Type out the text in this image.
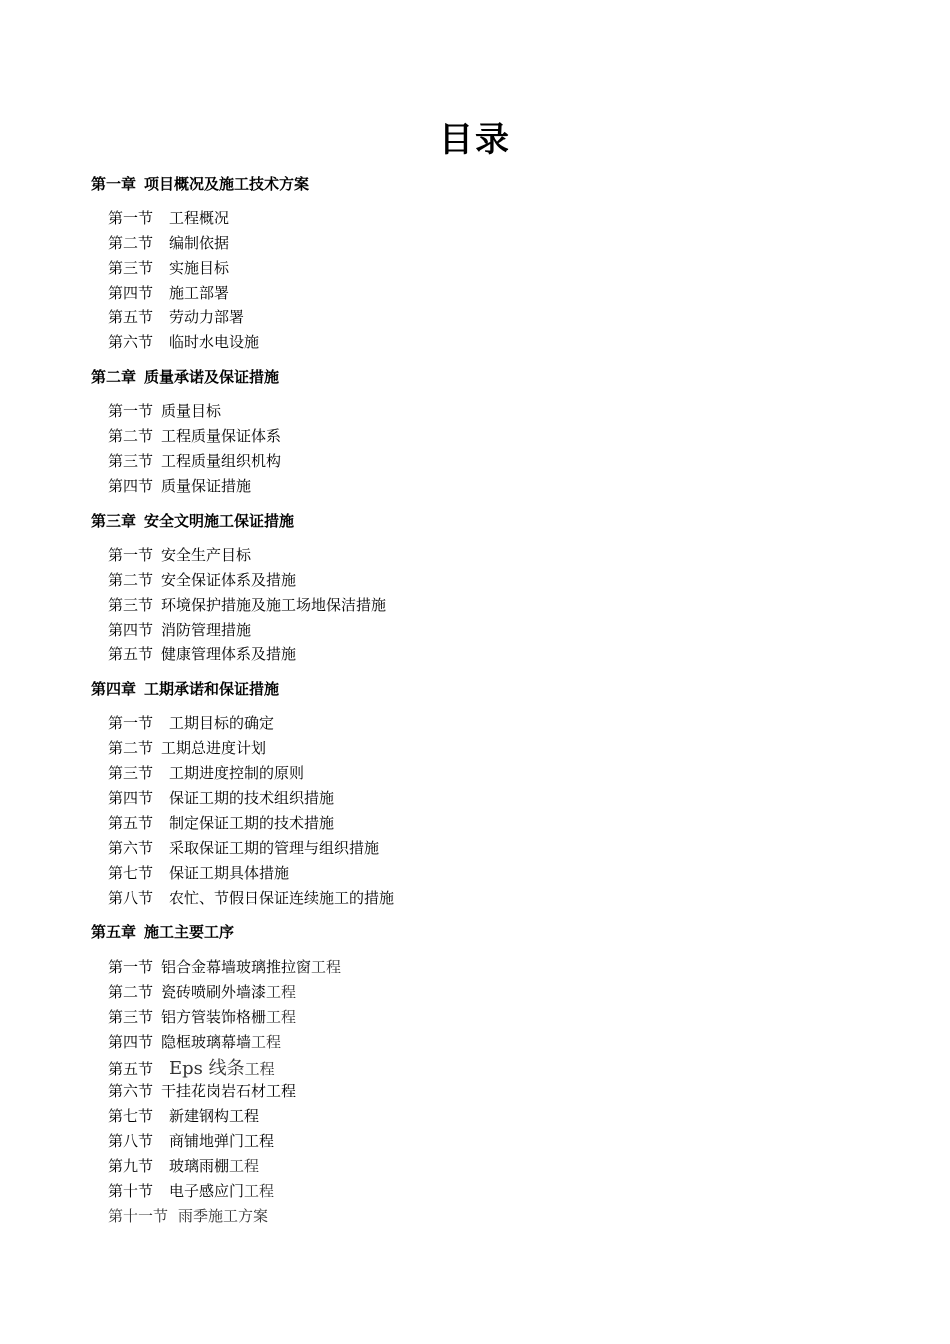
目录
第一章 项目概况及施工技术方案
第一节 工程概况
第二节 编制依据
第三节 实施目标
第四节 施工部署
第五节 劳动力部署
第六节 临时水电设施
第二章 质量承诺及保证措施
第一节 质量目标
第二节 工程质量保证体系
第三节 工程质量组织机构
第四节 质量保证措施
第三章 安全文明施工保证措施
第一节 安全生产目标
第二节 安全保证体系及措施
第三节 环境保护措施及施工场地保洁措施
第四节 消防管理措施
第五节 健康管理体系及措施
第四章 工期承诺和保证措施
第一节 工期目标的确定
第二节 工期总进度计划
第三节 工期进度控制的原则
第四节 保证工期的技术组织措施
第五节 制定保证工期的技术措施
第六节 采取保证工期的管理与组织措施
第七节 保证工期具体措施
第八节 农忙、节假日保证连续施工的措施
第五章 施工主要工序
第一节 铝合金幕墙玻璃推拉窗工程
第二节 瓷砖喷刷外墙漆工程
第三节 铝方管装饰格栅工程
第四节 隐框玻璃幕墙工程
第五节 Eps 线条工程
第六节 干挂花岗岩石材工程
第七节 新建钢构工程
第八节 商铺地弹门工程
第九节 玻璃雨棚工程
第十节 电子感应门工程
第十一节 雨季施工方案
